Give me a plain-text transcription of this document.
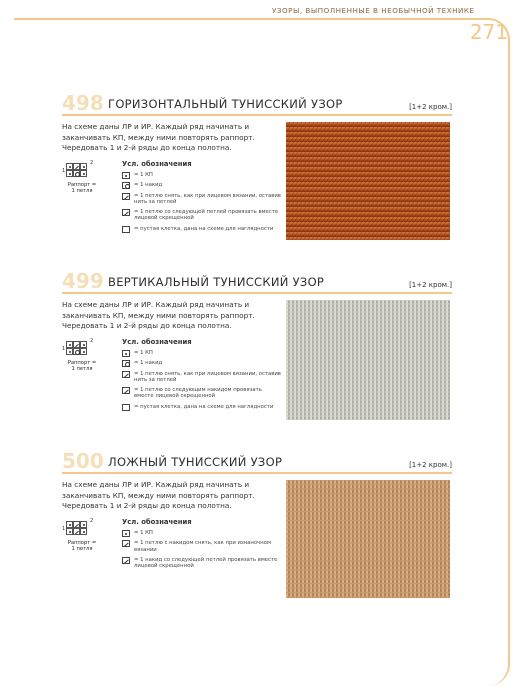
УЗОРЫ, ВЫПОЛНЕННЫЕ В НЕОБЫЧНОЙ ТЕХНИКЕ
271
498 ГОРИЗОНТАЛЬНЫЙ ТУНИССКИЙ УЗОР	[1+2 кром.]

На схеме даны ЛР и ИР. Каждый ряд начинать и заканчивать КП, между ними повторять раппорт. Чередовать 1 и 2-й ряды до конца полотна.

2
1
Раппорт = 1 петля
Усл. обозначения
= 1 КП
= 1 накид
= 1 петлю снять, как при лицевом вязании, оставив нить за петлей
= 1 петлю со следующей петлей провязать вместе лицевой скрещенной
= пустая клетка, дана на схеме для наглядности
499 ВЕРТИКАЛЬНЫЙ ТУНИССКИЙ УЗОР	[1+2 кром.]

На схеме даны ЛР и ИР. Каждый ряд начинать и заканчивать КП, между ними повторять раппорт. Чередовать 1 и 2-й ряды до конца полотна.

2
1
Раппорт = 1 петля
Усл. обозначения
= 1 КП
= 1 накид
= 1 петлю снять, как при лицевом вязании, оставив нить за петлей
= 1 петлю со следующим накидом провязать вместе лицевой скрещенной
= пустая клетка, дана на схеме для наглядности
500 ЛОЖНЫЙ ТУНИССКИЙ УЗОР	[1+2 кром.]

На схеме даны ЛР и ИР. Каждый ряд начинать и заканчивать КП, между ними повторять раппорт. Чередовать 1 и 2-й ряды до конца полотна.

2
1
Раппорт = 1 петля
Усл. обозначения
= 1 КП
= 1 петлю с накидом снять, как при изнаночном вязании
= 1 накид со следующей петлей провязать вместе лицевой скрещенной
